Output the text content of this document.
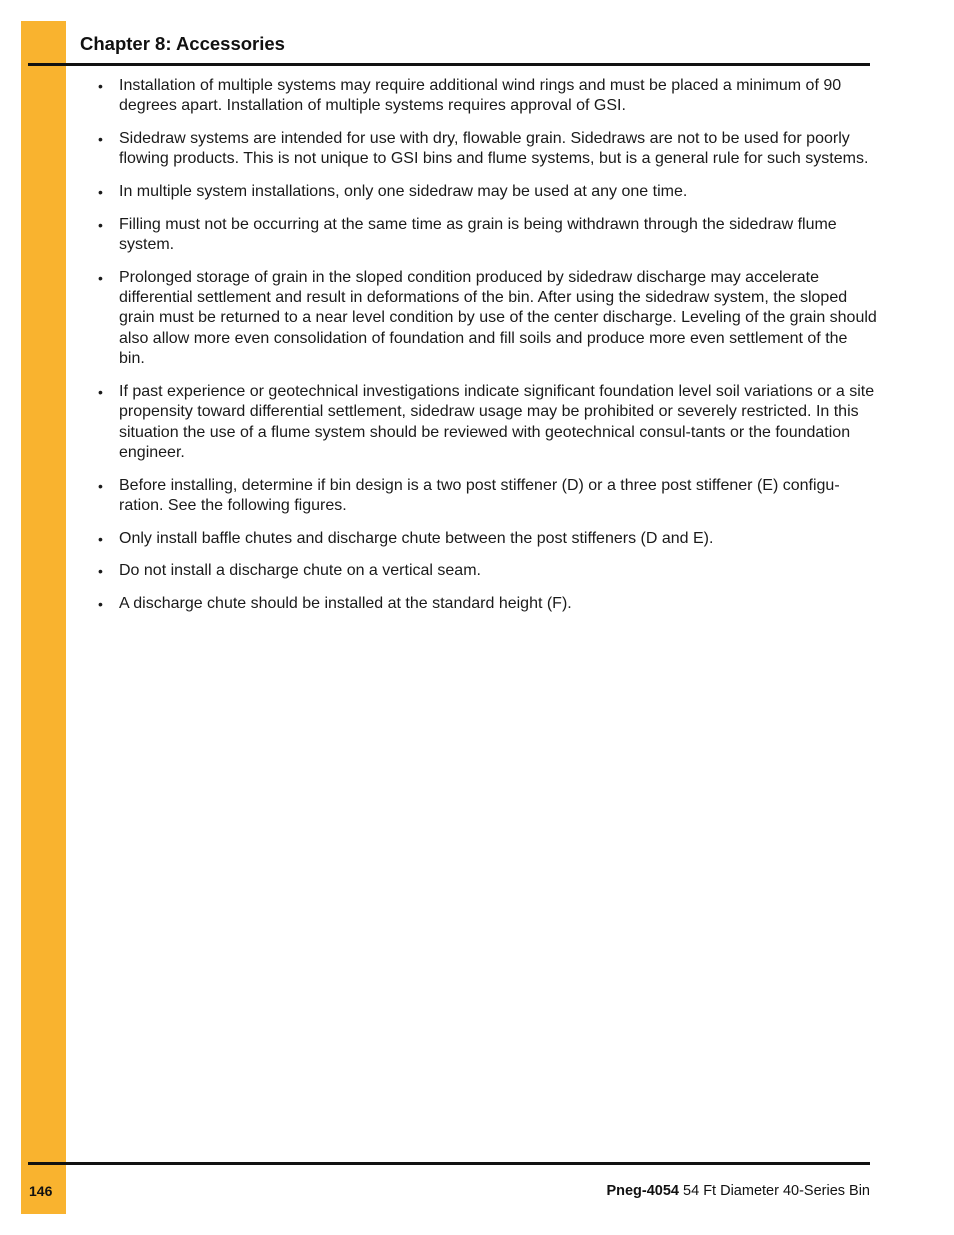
Chapter 8: Accessories
• Installation of multiple systems may require additional wind rings and must be placed a minimum of 90 degrees apart. Installation of multiple systems requires approval of GSI.
• Sidedraw systems are intended for use with dry, flowable grain. Sidedraws are not to be used for poorly flowing products. This is not unique to GSI bins and flume systems, but is a general rule for such systems.
• In multiple system installations, only one sidedraw may be used at any one time.
• Filling must not be occurring at the same time as grain is being withdrawn through the sidedraw flume system.
• Prolonged storage of grain in the sloped condition produced by sidedraw discharge may accelerate differential settlement and result in deformations of the bin. After using the sidedraw system, the sloped grain must be returned to a near level condition by use of the center discharge. Leveling of the grain should also allow more even consolidation of foundation and fill soils and produce more even settlement of the bin.
• If past experience or geotechnical investigations indicate significant foundation level soil variations or a site propensity toward differential settlement, sidedraw usage may be prohibited or severely restricted. In this situation the use of a flume system should be reviewed with geotechnical consul-tants or the foundation engineer.
• Before installing, determine if bin design is a two post stiffener (D) or a three post stiffener (E) configu-ration. See the following figures.
• Only install baffle chutes and discharge chute between the post stiffeners (D and E).
• Do not install a discharge chute on a vertical seam.
• A discharge chute should be installed at the standard height (F).
146	Pneg-4054 54 Ft Diameter 40-Series Bin
